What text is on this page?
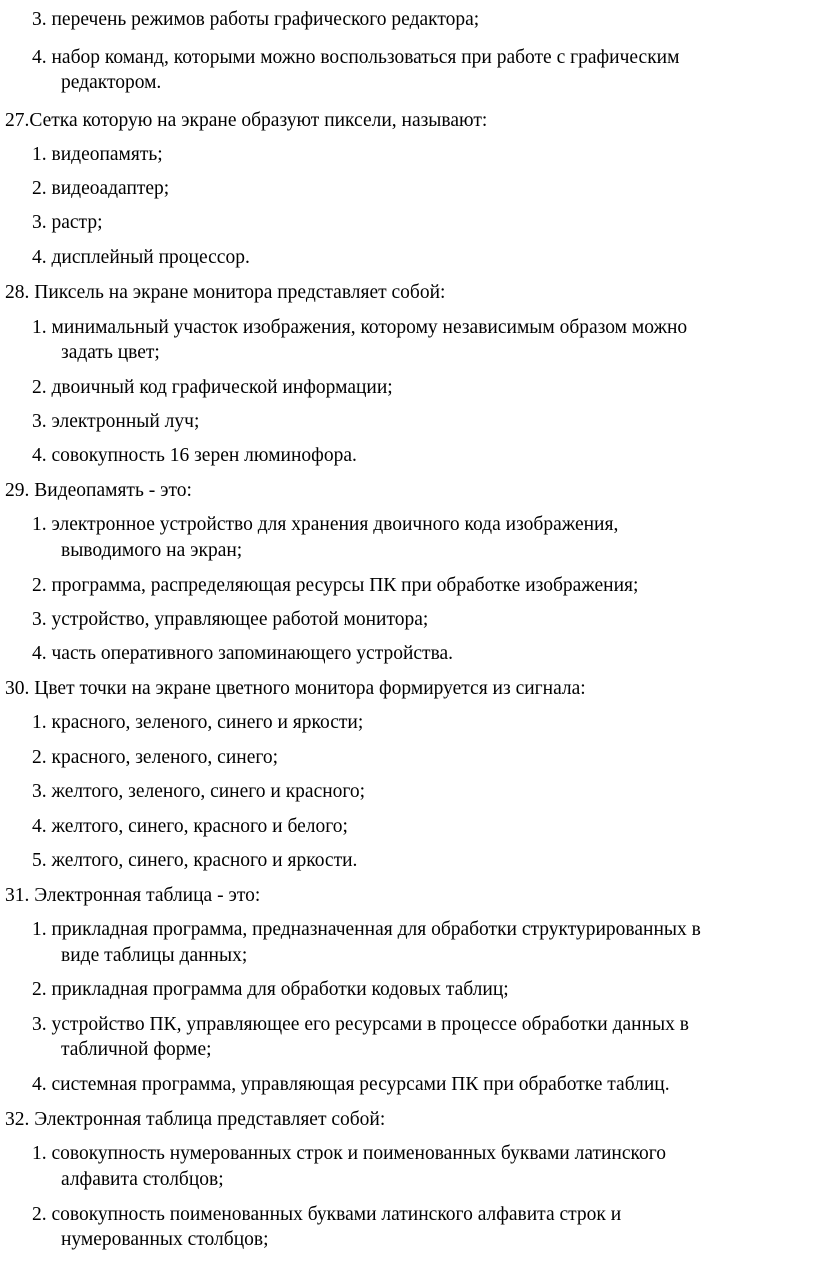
3. перечень режимов работы графического редактора;
4. набор команд, которыми можно воспользоваться при работе с графическим
редактором.
27.Сетка которую на экране образуют пиксели, называют:
1. видеопамять;
2. видеоадаптер;
3. растр;
4. дисплейный процессор.
28. Пиксель на экране монитора представляет собой:
1. минимальный участок изображения, которому независимым образом можно
задать цвет;
2. двоичный код графической информации;
3. электронный луч;
4. совокупность 16 зерен люминофора.
29. Видеопамять - это:
1. электронное устройство для хранения двоичного кода изображения,
выводимого на экран;
2. программа, распределяющая ресурсы ПК при обработке изображения;
3. устройство, управляющее работой монитора;
4. часть оперативного запоминающего устройства.
30. Цвет точки на экране цветного монитора формируется из сигнала:
1. красного, зеленого, синего и яркости;
2. красного, зеленого, синего;
3. желтого, зеленого, синего и красного;
4. желтого, синего, красного и белого;
5. желтого, синего, красного и яркости.
31. Электронная таблица - это:
1. прикладная программа, предназначенная для обработки структурированных в
виде таблицы данных;
2. прикладная программа для обработки кодовых таблиц;
3. устройство ПК, управляющее его ресурсами в процессе обработки данных в
табличной форме;
4. системная программа, управляющая ресурсами ПК при обработке таблиц.
32. Электронная таблица представляет собой:
1. совокупность нумерованных строк и поименованных буквами латинского
алфавита столбцов;
2. совокупность поименованных буквами латинского алфавита строк и
нумерованных столбцов;
